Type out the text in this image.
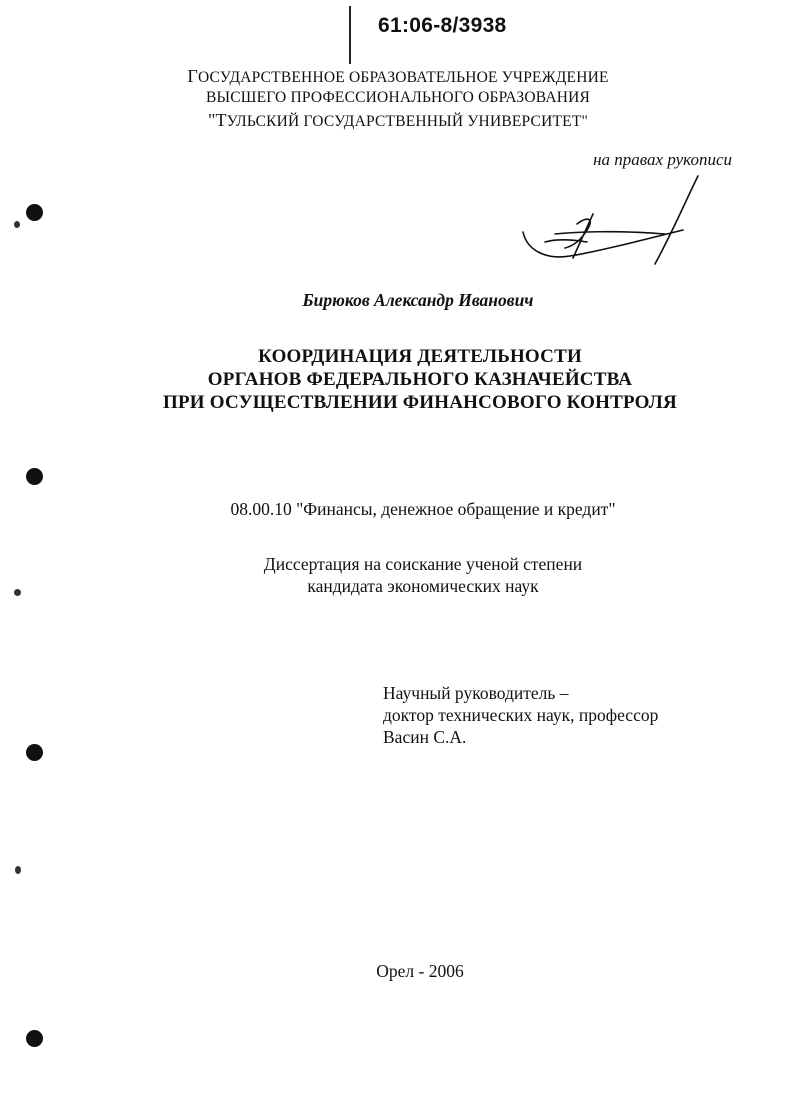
61:06-8/3938
ГОСУДАРСТВЕННОЕ ОБРАЗОВАТЕЛЬНОЕ УЧРЕЖДЕНИЕ
ВЫСШЕГО ПРОФЕССИОНАЛЬНОГО ОБРАЗОВАНИЯ
"ТУЛЬСКИЙ ГОСУДАРСТВЕННЫЙ УНИВЕРСИТЕТ"
на правах рукописи
Бирюков Александр Иванович
КООРДИНАЦИЯ ДЕЯТЕЛЬНОСТИ
ОРГАНОВ ФЕДЕРАЛЬНОГО КАЗНАЧЕЙСТВА
ПРИ ОСУЩЕСТВЛЕНИИ ФИНАНСОВОГО КОНТРОЛЯ
08.00.10 "Финансы, денежное обращение и кредит"
Диссертация на соискание ученой степени
кандидата экономических наук
Научный руководитель –
доктор технических наук, профессор
Васин С.А.
Орел - 2006
